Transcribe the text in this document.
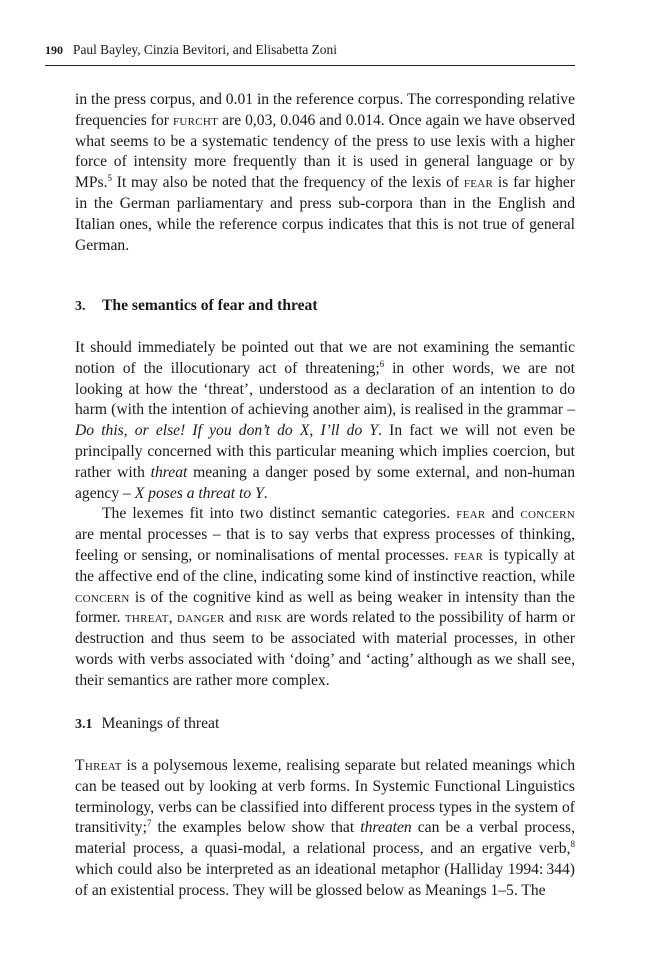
190 Paul Bayley, Cinzia Bevitori, and Elisabetta Zoni

in the press corpus, and 0.01 in the reference corpus. The corresponding relative frequencies for furcht are 0,03, 0.046 and 0.014. Once again we have observed what seems to be a systematic tendency of the press to use lexis with a higher force of intensity more frequently than it is used in general language or by MPs.$^5$ It may also be noted that the frequency of the lexis of fear is far higher in the German parliamentary and press sub-corpora than in the English and Italian ones, while the reference corpus indicates that this is not true of general German.

3. The semantics of fear and threat

It should immediately be pointed out that we are not examining the semantic notion of the illocutionary act of threatening;$^6$ in other words, we are not looking at how the ‘threat’, understood as a declaration of an intention to do harm (with the intention of achieving another aim), is realised in the grammar – Do this, or else! If you don’t do X, I’ll do Y. In fact we will not even be principally concerned with this particular meaning which implies coercion, but rather with threat meaning a danger posed by some external, and non-human agency – X poses a threat to Y.

The lexemes fit into two distinct semantic categories. fear and concern are mental processes – that is to say verbs that express processes of thinking, feeling or sensing, or nominalisations of mental processes. fear is typically at the affective end of the cline, indicating some kind of instinctive reaction, while concern is of the cognitive kind as well as being weaker in intensity than the former. threat, danger and risk are words related to the possibility of harm or destruction and thus seem to be associated with material processes, in other words with verbs associated with ‘doing’ and ‘acting’ although as we shall see, their semantics are rather more complex.

3.1 Meanings of threat

Threat is a polysemous lexeme, realising separate but related meanings which can be teased out by looking at verb forms. In Systemic Functional Linguistics terminology, verbs can be classified into different process types in the system of transitivity;$^7$ the examples below show that threaten can be a verbal process, material process, a quasi-modal, a relational process, and an ergative verb,$^8$ which could also be interpreted as an ideational metaphor (Halliday 1994: 344) of an existential process. They will be glossed below as Meanings 1–5. The
